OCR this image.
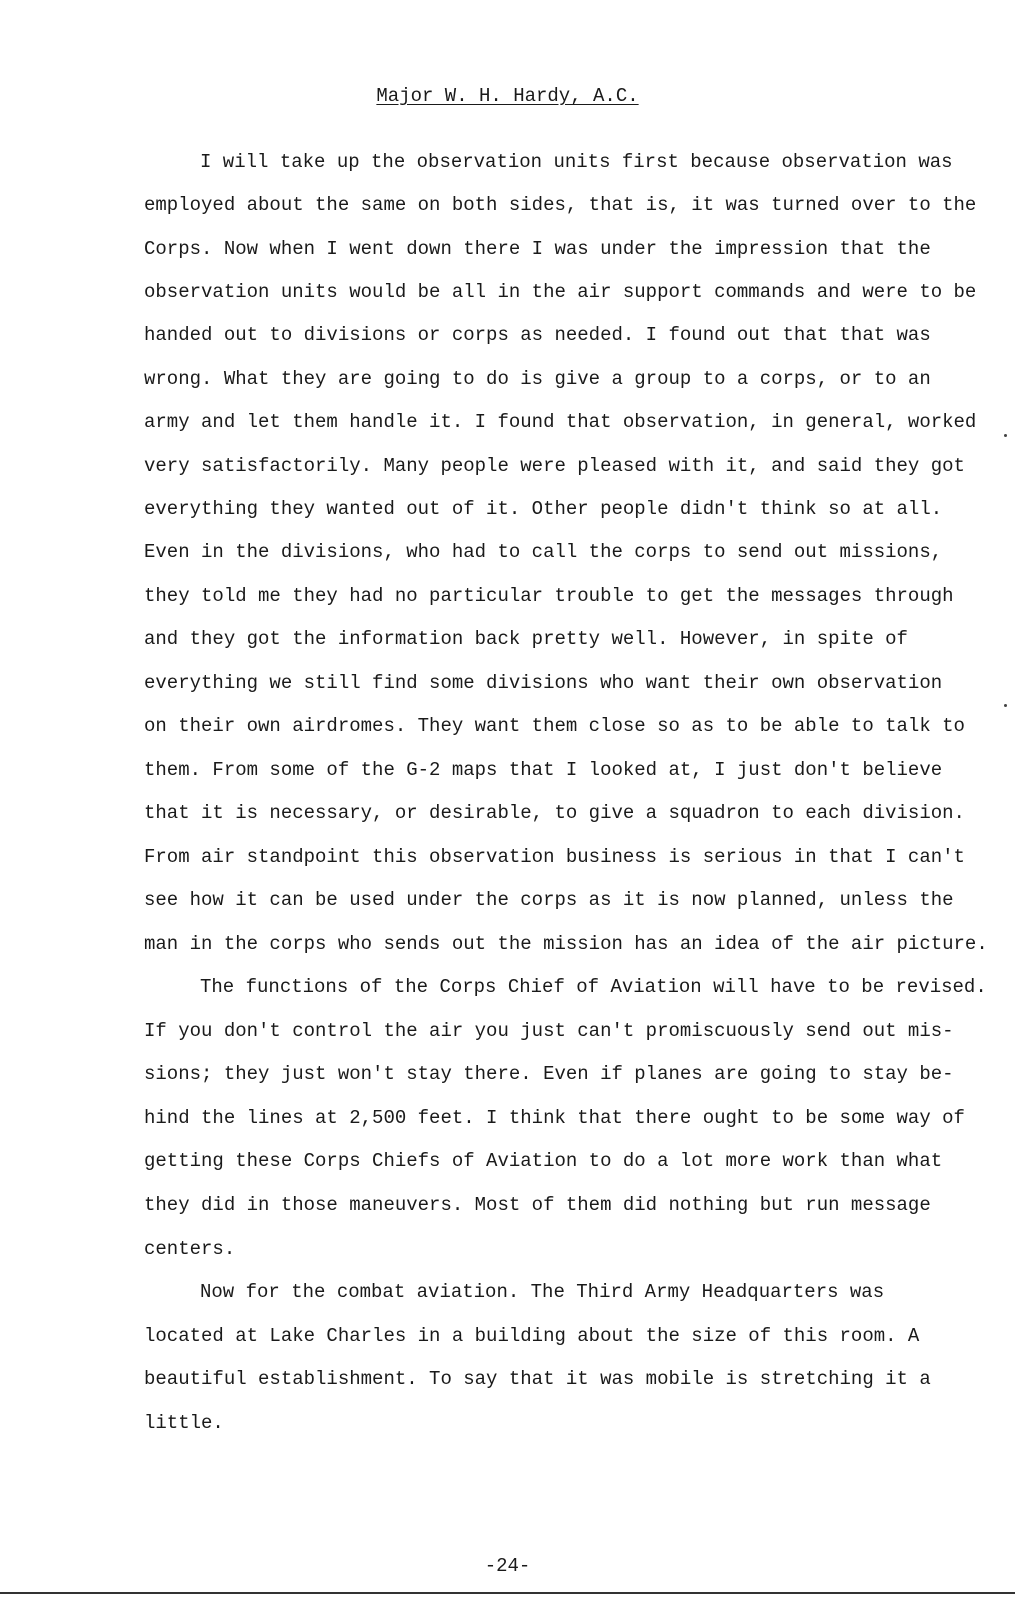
Major W. H. Hardy, A.C.
I will take up the observation units first because observation was
employed about the same on both sides, that is, it was turned over to the
Corps. Now when I went down there I was under the impression that the
observation units would be all in the air support commands and were to be
handed out to divisions or corps as needed. I found out that that was
wrong. What they are going to do is give a group to a corps, or to an
army and let them handle it. I found that observation, in general, worked
very satisfactorily. Many people were pleased with it, and said they got
everything they wanted out of it. Other people didn't think so at all.
Even in the divisions, who had to call the corps to send out missions,
they told me they had no particular trouble to get the messages through
and they got the information back pretty well. However, in spite of
everything we still find some divisions who want their own observation
on their own airdromes. They want them close so as to be able to talk to
them. From some of the G-2 maps that I looked at, I just don't believe
that it is necessary, or desirable, to give a squadron to each division.
From air standpoint this observation business is serious in that I can't
see how it can be used under the corps as it is now planned, unless the
man in the corps who sends out the mission has an idea of the air picture.
The functions of the Corps Chief of Aviation will have to be revised.
If you don't control the air you just can't promiscuously send out mis-
sions; they just won't stay there. Even if planes are going to stay be-
hind the lines at 2,500 feet. I think that there ought to be some way of
getting these Corps Chiefs of Aviation to do a lot more work than what
they did in those maneuvers. Most of them did nothing but run message
centers.
Now for the combat aviation. The Third Army Headquarters was
located at Lake Charles in a building about the size of this room. A
beautiful establishment. To say that it was mobile is stretching it a
little.
-24-
